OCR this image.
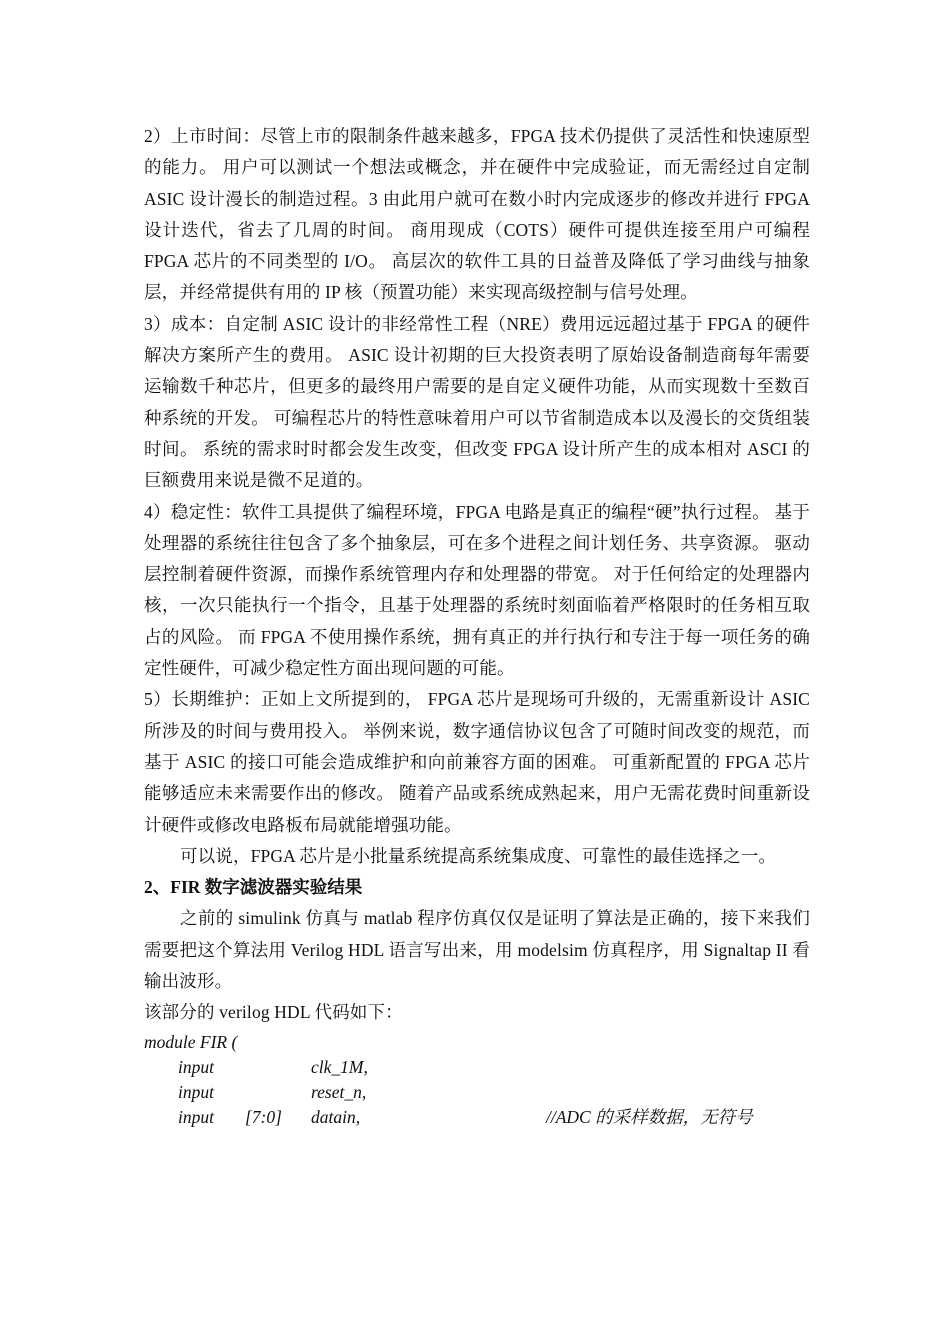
2）上市时间：尽管上市的限制条件越来越多，FPGA 技术仍提供了灵活性和快速原型的能力。 用户可以测试一个想法或概念，并在硬件中完成验证，而无需经过自定制 ASIC 设计漫长的制造过程。3 由此用户就可在数小时内完成逐步的修改并进行 FPGA 设计迭代，省去了几周的时间。 商用现成（COTS）硬件可提供连接至用户可编程 FPGA 芯片的不同类型的 I/O。 高层次的软件工具的日益普及降低了学习曲线与抽象层，并经常提供有用的 IP 核（预置功能）来实现高级控制与信号处理。

3）成本：自定制 ASIC 设计的非经常性工程（NRE）费用远远超过基于 FPGA 的硬件解决方案所产生的费用。 ASIC 设计初期的巨大投资表明了原始设备制造商每年需要运输数千种芯片，但更多的最终用户需要的是自定义硬件功能，从而实现数十至数百种系统的开发。 可编程芯片的特性意味着用户可以节省制造成本以及漫长的交货组装时间。 系统的需求时时都会发生改变，但改变 FPGA 设计所产生的成本相对 ASCI 的巨额费用来说是微不足道的。

4）稳定性：软件工具提供了编程环境，FPGA 电路是真正的编程“硬”执行过程。 基于处理器的系统往往包含了多个抽象层，可在多个进程之间计划任务、共享资源。 驱动层控制着硬件资源，而操作系统管理内存和处理器的带宽。 对于任何给定的处理器内核，一次只能执行一个指令，且基于处理器的系统时刻面临着严格限时的任务相互取占的风险。 而 FPGA 不使用操作系统，拥有真正的并行执行和专注于每一项任务的确定性硬件，可减少稳定性方面出现问题的可能。

5）长期维护：正如上文所提到的， FPGA 芯片是现场可升级的，无需重新设计 ASIC 所涉及的时间与费用投入。 举例来说，数字通信协议包含了可随时间改变的规范，而基于 ASIC 的接口可能会造成维护和向前兼容方面的困难。 可重新配置的 FPGA 芯片能够适应未来需要作出的修改。 随着产品或系统成熟起来，用户无需花费时间重新设计硬件或修改电路板布局就能增强功能。

可以说，FPGA 芯片是小批量系统提高系统集成度、可靠性的最佳选择之一。

2、FIR 数字滤波器实验结果

之前的 simulink 仿真与 matlab 程序仿真仅仅是证明了算法是正确的，接下来我们需要把这个算法用 Verilog HDL 语言写出来，用 modelsim 仿真程序，用 Signaltap II 看输出波形。

该部分的 verilog HDL 代码如下：

module FIR (

input	clk_1M,
input	reset_n,
input [7:0] datain,	//ADC 的采样数据，无符号
